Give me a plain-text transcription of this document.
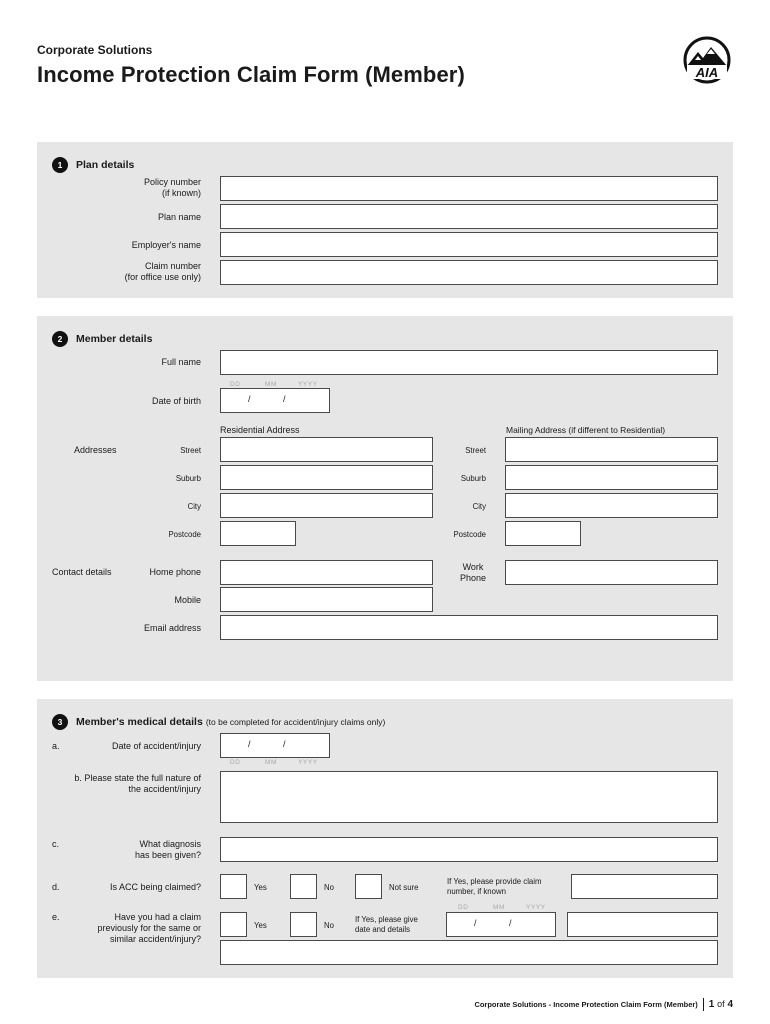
Corporate Solutions
Income Protection Claim Form (Member)	AIA
1	Plan details
Policy number
(if known)
Plan name
Employer's name
Claim number
(for office use only)
2	Member details
Full name
DD	MM	YYYY
Date of birth	/	/
Residential Address	Mailing Address (if different to Residential)
Addresses	Street	Street
Suburb	Suburb
City	City
Postcode	Postcode
Contact details	Home phone	Work
Phone
Mobile
Email address
3	Member's medical details (to be completed for accident/injury claims only)
a.	Date of accident/injury	/	/
DD	MM	YYYY
b. Please state the full nature of
the accident/injury
c.	What diagnosis
has been given?
d.	Is ACC being claimed?	Yes	No	Not sure
If Yes, please provide claim
number, if known
e.	Have you had a claim
previously for the same or
similar accident/injury?
Yes	No
If Yes, please give
date and details
DD	MM	YYYY
/	/
Corporate Solutions - Income Protection Claim Form (Member) 1 of 4
